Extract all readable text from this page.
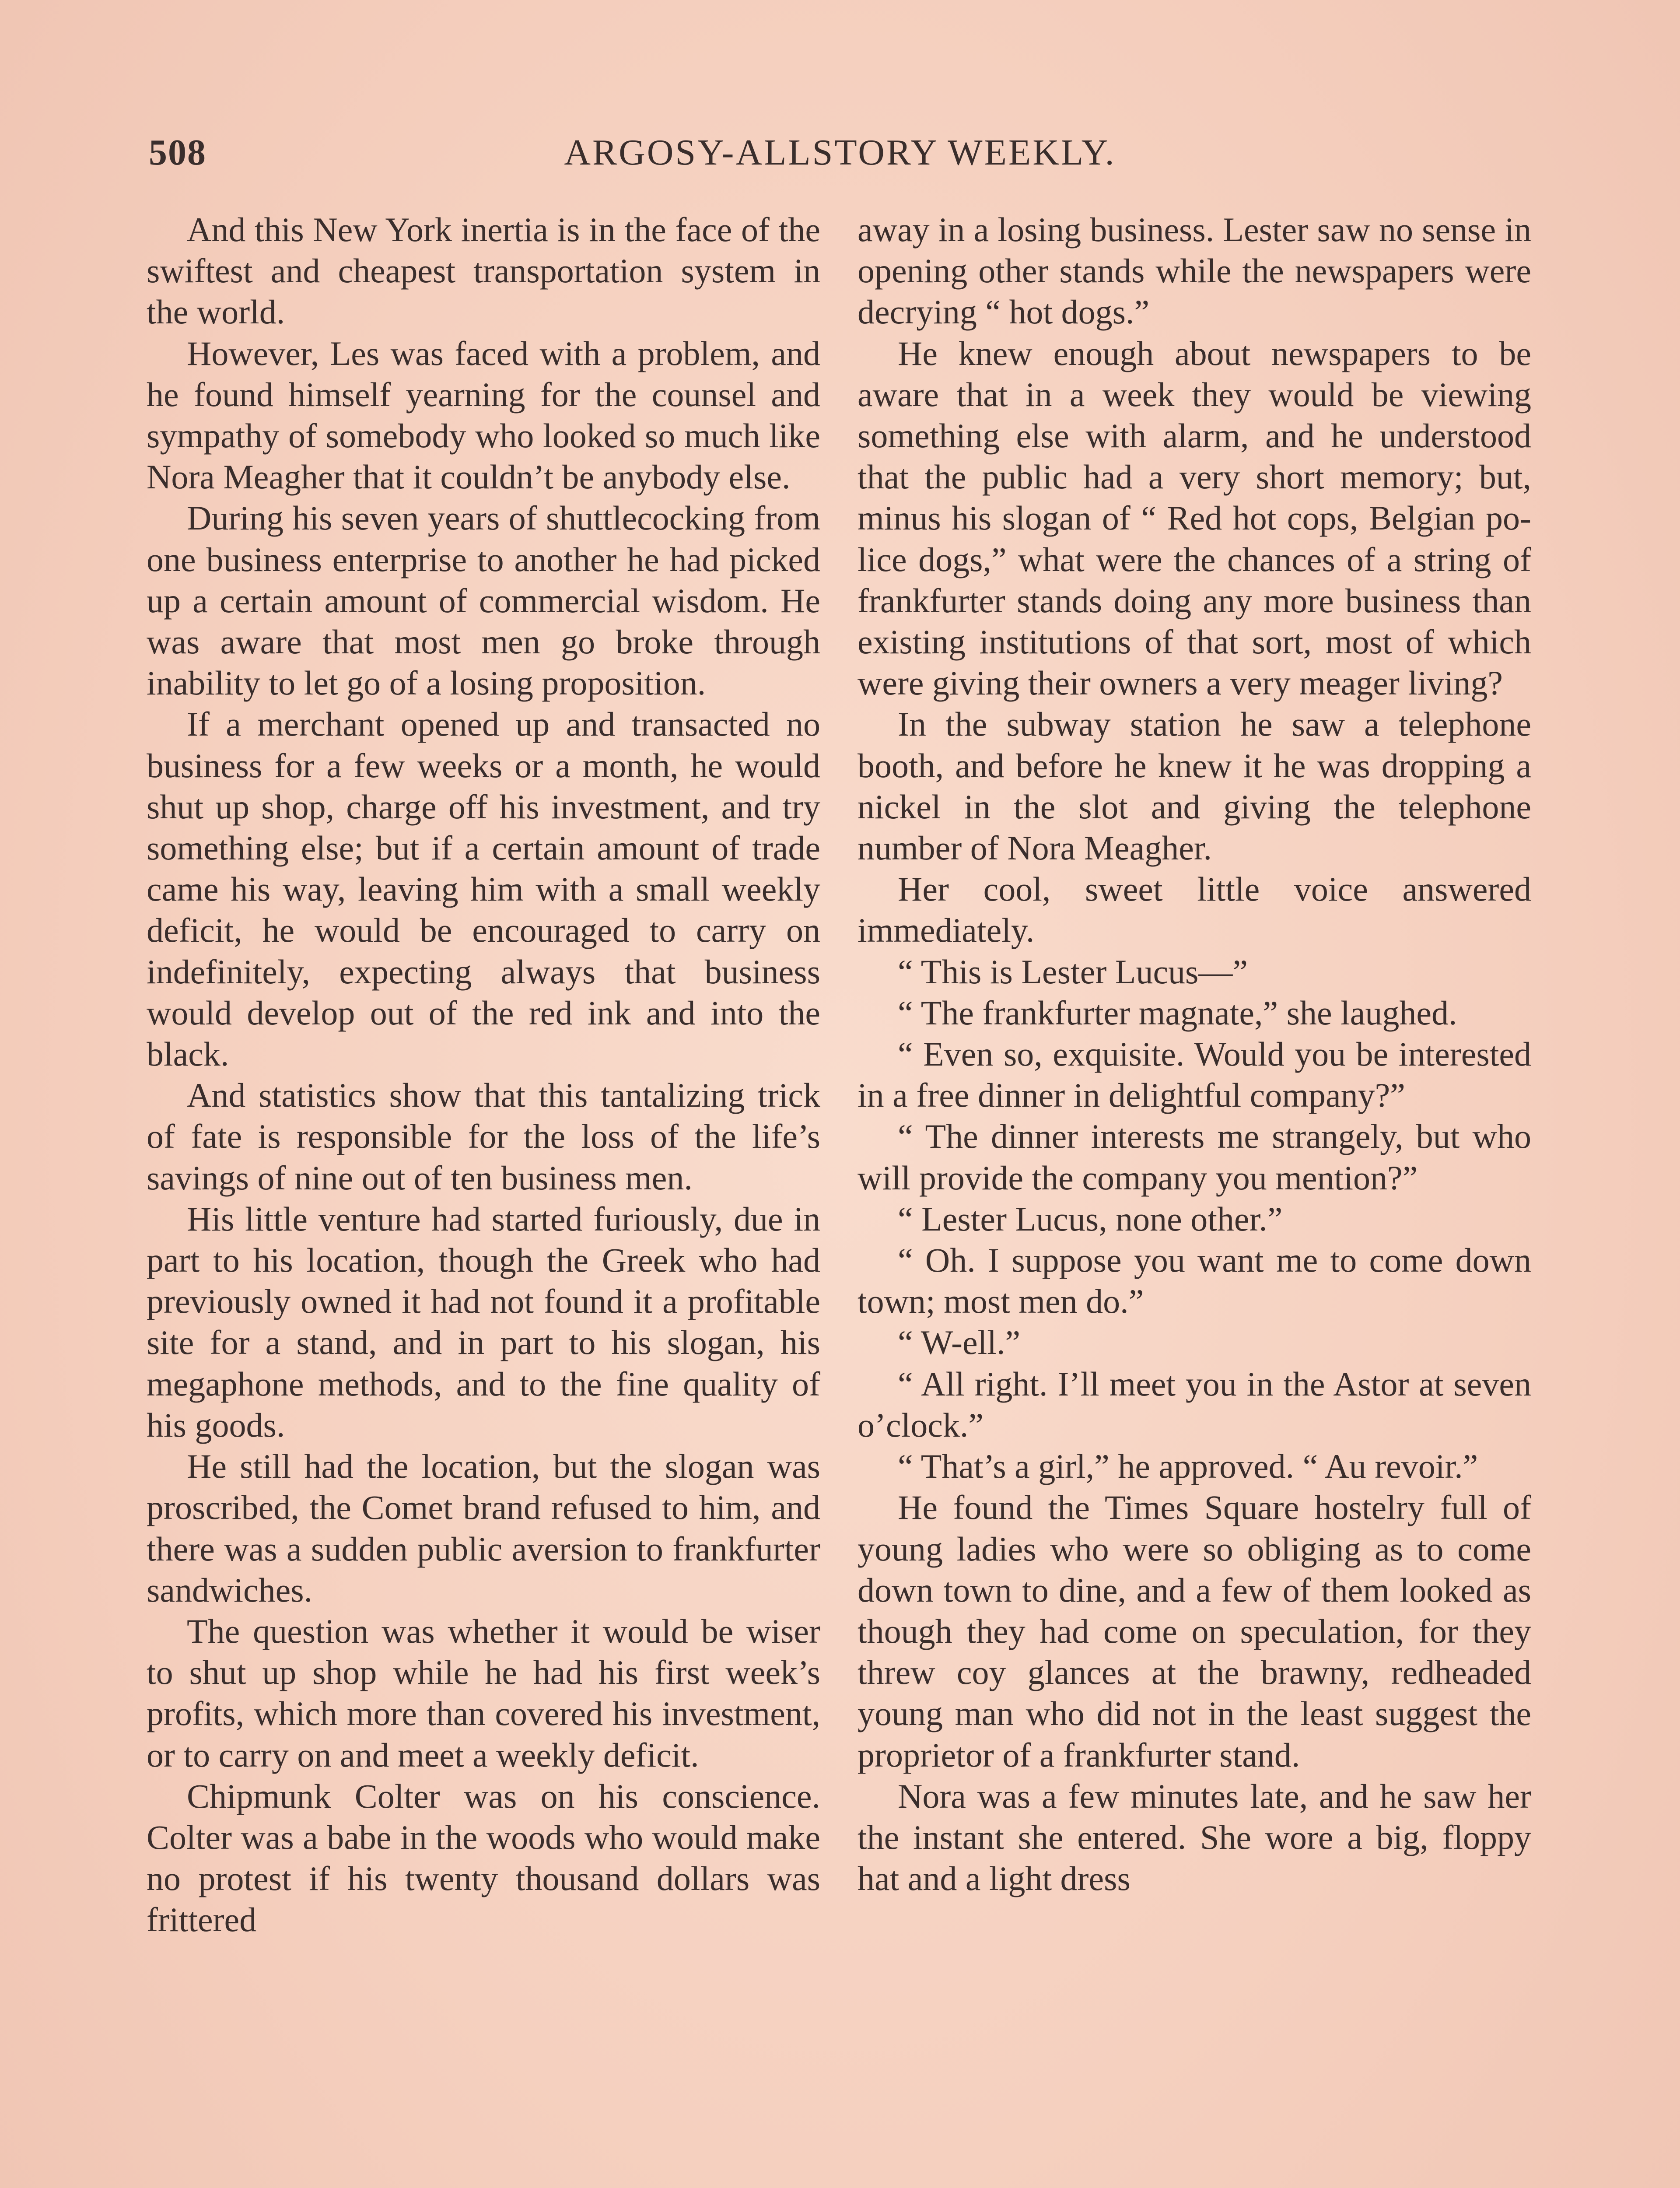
508	ARGOSY-ALLSTORY WEEKLY.

And this New York inertia is in the face of the swiftest and cheapest transportation system in the world.

However, Les was faced with a problem, and he found himself yearning for the counsel and sympathy of somebody who looked so much like Nora Meagher that it couldn’t be anybody else.

During his seven years of shuttlecocking from one business enterprise to another he had picked up a certain amount of commercial wisdom. He was aware that most men go broke through inability to let go of a losing proposition.

If a merchant opened up and transacted no business for a few weeks or a month, he would shut up shop, charge off his investment, and try something else; but if a certain amount of trade came his way, leaving him with a small weekly deficit, he would be encouraged to carry on indefinitely, expecting always that business would develop out of the red ink and into the black.

And statistics show that this tantalizing trick of fate is responsible for the loss of the life’s savings of nine out of ten business men.

His little venture had started furiously, due in part to his location, though the Greek who had previously owned it had not found it a profitable site for a stand, and in part to his slogan, his megaphone methods, and to the fine quality of his goods.

He still had the location, but the slogan was proscribed, the Comet brand refused to him, and there was a sudden public aversion to frankfurter sandwiches.

The question was whether it would be wiser to shut up shop while he had his first week’s profits, which more than covered his investment, or to carry on and meet a weekly deficit.

Chipmunk Colter was on his conscience. Colter was a babe in the woods who would make no protest if his twenty thousand dollars was frittered

away in a losing business. Lester saw no sense in opening other stands while the newspapers were decrying “ hot dogs.”

He knew enough about newspapers to be aware that in a week they would be viewing something else with alarm, and he understood that the public had a very short memory; but, minus his slogan of “ Red hot cops, Belgian police dogs,” what were the chances of a string of frankfurter stands doing any more business than existing institutions of that sort, most of which were giving their owners a very meager living?

In the subway station he saw a telephone booth, and before he knew it he was dropping a nickel in the slot and giving the telephone number of Nora Meagher.

Her cool, sweet little voice answered immediately.

“ This is Lester Lucus—”

“ The frankfurter magnate,” she laughed.

“ Even so, exquisite. Would you be interested in a free dinner in delightful company?”

“ The dinner interests me strangely, but who will provide the company you mention?”

“ Lester Lucus, none other.”

“ Oh. I suppose you want me to come down town; most men do.”

“ W-ell.”

“ All right. I’ll meet you in the Astor at seven o’clock.”

“ That’s a girl,” he approved. “ Au revoir.”

He found the Times Square hostelry full of young ladies who were so obliging as to come down town to dine, and a few of them looked as though they had come on speculation, for they threw coy glances at the brawny, redheaded young man who did not in the least suggest the proprietor of a frankfurter stand.

Nora was a few minutes late, and he saw her the instant she entered. She wore a big, floppy hat and a light dress
